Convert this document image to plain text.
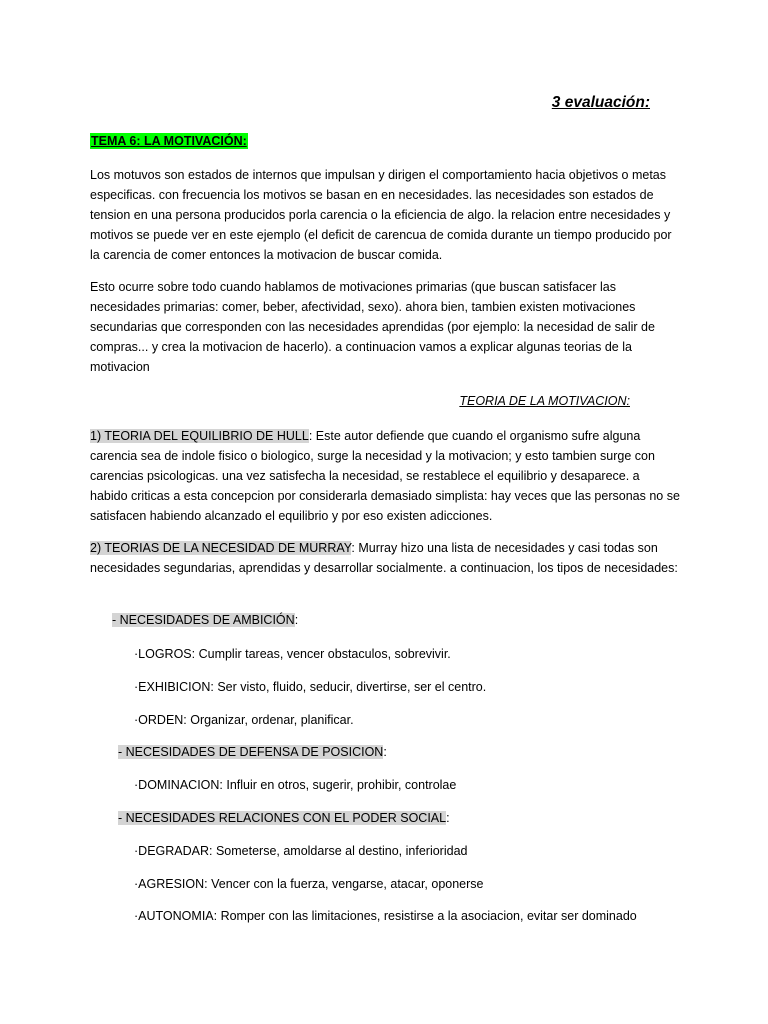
3 evaluación:
TEMA 6: LA MOTIVACIÓN:

Los motuvos son estados de internos que impulsan y dirigen el comportamiento hacia objetivos o metas especificas. con frecuencia los motivos se basan en en necesidades. las necesidades son estados de tension en una persona producidos porla carencia o la eficiencia de algo. la relacion entre necesidades y motivos se puede ver en este ejemplo (el deficit de carencua de comida durante un tiempo producido por la carencia de comer entonces la motivacion de buscar comida.

Esto ocurre sobre todo cuando hablamos de motivaciones primarias (que buscan satisfacer las necesidades primarias: comer, beber, afectividad, sexo). ahora bien, tambien existen motivaciones secundarias que corresponden con las necesidades aprendidas (por ejemplo: la necesidad de salir de compras... y crea la motivacion de hacerlo). a continuacion vamos a explicar algunas teorias de la motivacion

TEORIA DE LA MOTIVACION:

1) TEORIA DEL EQUILIBRIO DE HULL: Este autor defiende que cuando el organismo sufre alguna carencia sea de indole fisico o biologico, surge la necesidad y la motivacion; y esto tambien surge con carencias psicologicas. una vez satisfecha la necesidad, se restablece el equilibrio y desaparece. a habido criticas a esta concepcion por considerarla demasiado simplista: hay veces que las personas no se satisfacen habiendo alcanzado el equilibrio y por eso existen adicciones.

2) TEORIAS DE LA NECESIDAD DE MURRAY: Murray hizo una lista de necesidades y casi todas son necesidades segundarias, aprendidas y desarrollar socialmente. a continuacion, los tipos de necesidades:

- NECESIDADES DE AMBICIÓN:
·LOGROS: Cumplir tareas, vencer obstaculos, sobrevivir.
·EXHIBICION: Ser visto, fluido, seducir, divertirse, ser el centro.
·ORDEN: Organizar, ordenar, planificar.
- NECESIDADES DE DEFENSA DE POSICION:
·DOMINACION: Influir en otros, sugerir, prohibir, controlae
- NECESIDADES RELACIONES CON EL PODER SOCIAL:
·DEGRADAR: Someterse, amoldarse al destino, inferioridad
·AGRESION: Vencer con la fuerza, vengarse, atacar, oponerse
·AUTONOMIA: Romper con las limitaciones, resistirse a la asociacion, evitar ser dominado
